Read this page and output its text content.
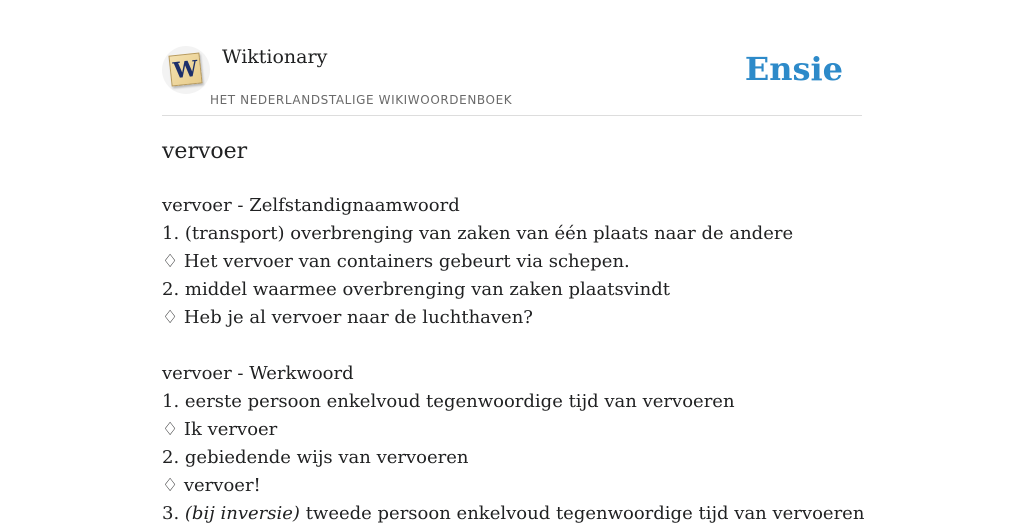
W Wiktionary
HET NEDERLANDSTALIGE WIKIWOORDENBOEK
Ensie
vervoer
vervoer - Zelfstandignaamwoord
1. (transport) overbrenging van zaken van één plaats naar de andere
♢ Het vervoer van containers gebeurt via schepen.
2. middel waarmee overbrenging van zaken plaatsvindt
♢ Heb je al vervoer naar de luchthaven?
vervoer - Werkwoord
1. eerste persoon enkelvoud tegenwoordige tijd van vervoeren
♢ Ik vervoer
2. gebiedende wijs van vervoeren
♢ vervoer!
3. (bij inversie) tweede persoon enkelvoud tegenwoordige tijd van vervoeren
